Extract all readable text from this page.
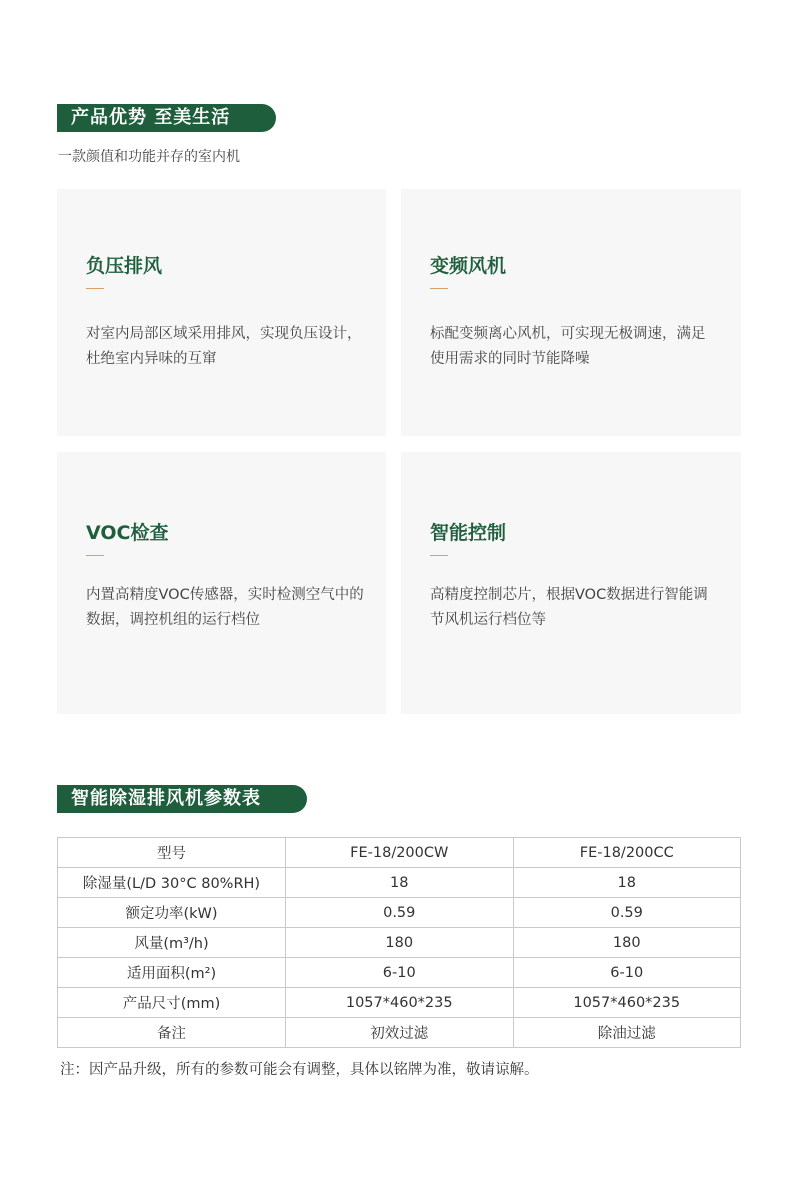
产品优势 至美生活
一款颜值和功能并存的室内机
负压排风

对室内局部区域采用排风，实现负压设计，杜绝室内异味的互窜

变频风机

标配变频离心风机，可实现无极调速，满足使用需求的同时节能降噪

VOC检查

内置高精度VOC传感器，实时检测空气中的数据，调控机组的运行档位

智能控制

高精度控制芯片，根据VOC数据进行智能调节风机运行档位等

智能除湿排风机参数表
型号	FE-18/200CW	FE-18/200CC
除湿量(L/D 30°C 80%RH)	18	18
额定功率(kW)	0.59	0.59
风量(m³/h)	180	180
适用面积(m²)	6-10	6-10
产品尺寸(mm)	1057*460*235	1057*460*235
备注	初效过滤	除油过滤
注：因产品升级，所有的参数可能会有调整，具体以铭牌为准，敬请谅解。
